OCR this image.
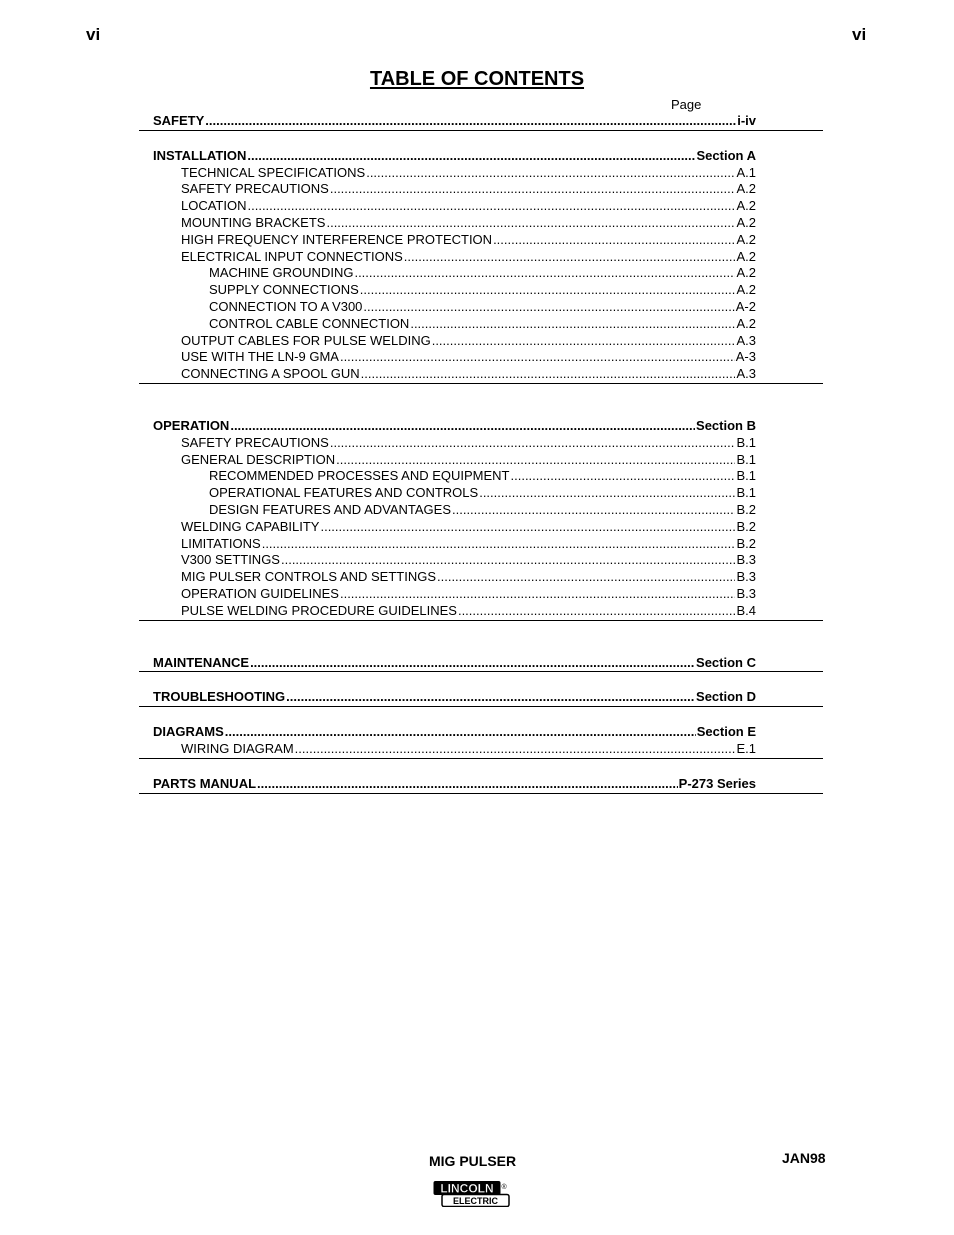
vi	vi
TABLE OF CONTENTS
Page
SAFETY .....	i-iv
INSTALLATION .....	Section A
TECHNICAL SPECIFICATIONS .....	A.1
SAFETY PRECAUTIONS .....	A.2
LOCATION .....	A.2
MOUNTING BRACKETS .....	A.2
HIGH FREQUENCY INTERFERENCE PROTECTION .....	A.2
ELECTRICAL INPUT CONNECTIONS .....	A.2
MACHINE GROUNDING .....	A.2
SUPPLY CONNECTIONS .....	A.2
CONNECTION TO A V300 .....	A-2
CONTROL CABLE CONNECTION .....	A.2
OUTPUT CABLES FOR PULSE WELDING .....	A.3
USE WITH THE LN-9 GMA .....	A-3
CONNECTING A SPOOL GUN .....	A.3
OPERATION .....	Section B
SAFETY PRECAUTIONS .....	B.1
GENERAL DESCRIPTION .....	B.1
RECOMMENDED PROCESSES AND EQUIPMENT .....	B.1
OPERATIONAL FEATURES AND CONTROLS .....	B.1
DESIGN FEATURES AND ADVANTAGES .....	B.2
WELDING CAPABILITY .....	B.2
LIMITATIONS .....	B.2
V300 SETTINGS .....	B.3
MIG PULSER CONTROLS AND SETTINGS .....	B.3
OPERATION GUIDELINES .....	B.3
PULSE WELDING PROCEDURE GUIDELINES .....	B.4
MAINTENANCE .....	Section C
TROUBLESHOOTING .....	Section D
DIAGRAMS .....	Section E
WIRING DIAGRAM .....	E.1
PARTS MANUAL .....	P-273 Series
MIG PULSER	JAN98
LINCOLN
ELECTRIC
®
